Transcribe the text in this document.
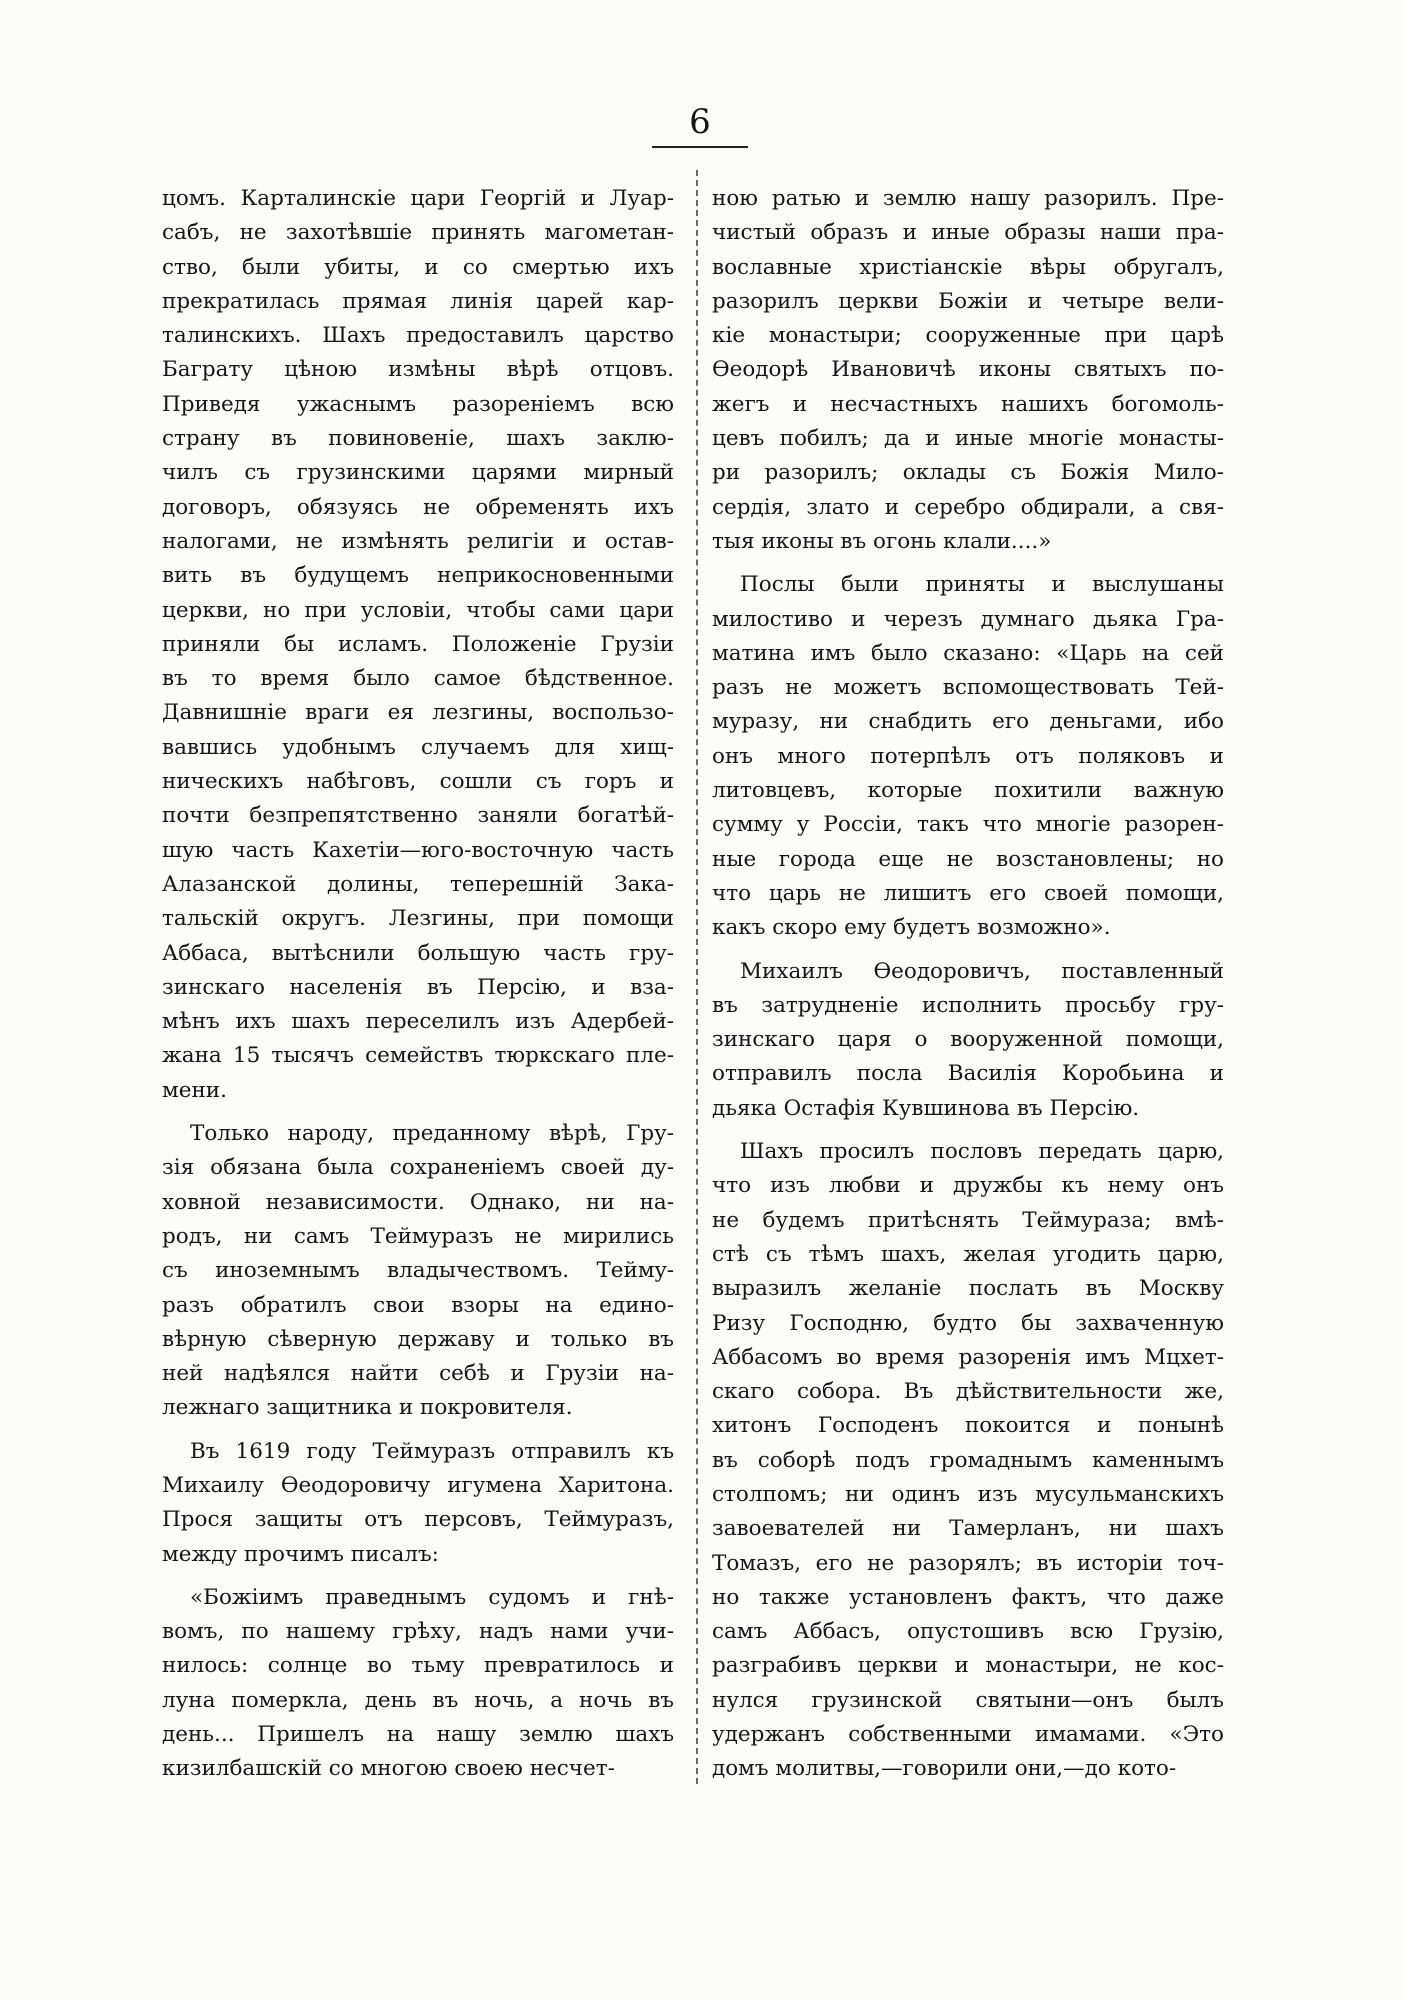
6
цомъ. Карталинскіе цари Георгій и Луар-
сабъ, не захотѣвшіе принять магометан-
ство, были убиты, и со смертью ихъ
прекратилась прямая линія царей кар-
талинскихъ. Шахъ предоставилъ царство
Баграту цѣною измѣны вѣрѣ отцовъ.
Приведя ужаснымъ разореніемъ всю
страну въ повиновеніе, шахъ заклю-
чилъ съ грузинскими царями мирный
договоръ, обязуясь не обременять ихъ
налогами, не измѣнять религіи и остав-
вить въ будущемъ неприкосновенными
церкви, но при условіи, чтобы сами цари
приняли бы исламъ. Положеніе Грузіи
въ то время было самое бѣдственное.
Давнишніе враги ея лезгины, воспользо-
вавшись удобнымъ случаемъ для хищ-
ническихъ набѣговъ, сошли съ горъ и
почти безпрепятственно заняли богатѣй-
шую часть Кахетіи—юго-восточную часть
Алазанской долины, теперешній Зака-
тальскій округъ. Лезгины, при помощи
Аббаса, вытѣснили большую часть гру-
зинскаго населенія въ Персію, и вза-
мѣнъ ихъ шахъ переселилъ изъ Адербей-
жана 15 тысячъ семействъ тюркскаго пле-
мени.
Только народу, преданному вѣрѣ, Гру-
зія обязана была сохраненіемъ своей ду-
ховной независимости. Однако, ни на-
родъ, ни самъ Теймуразъ не мирились
съ иноземнымъ владычествомъ. Теймy-
разъ обратилъ свои взоры на едино-
вѣрную сѣверную державу и только въ
ней надѣялся найти себѣ и Грузіи на-
лежнаго защитника и покровителя.
Въ 1619 году Теймуразъ отправилъ къ
Михаилу Ѳеодоровичу игумена Харитона.
Прося защиты отъ персовъ, Теймуразъ,
между прочимъ писалъ:
«Божіимъ праведнымъ судомъ и гнѣ-
вомъ, по нашему грѣху, надъ нами учи-
нилось: солнце во тьму превратилось и
луна померкла, день въ ночь, а ночь въ
день... Пришелъ на нашу землю шахъ
кизилбашскій со многою своею несчет-
ною ратью и землю нашу разорилъ. Пре-
чистый образъ и иные образы наши пра-
вославные христіанскіе вѣры обругалъ,
разорилъ церкви Божіи и четыре вели-
кіе монастыри; сооруженные при царѣ
Ѳеодорѣ Ивановичѣ иконы святыхъ по-
жегъ и несчастныхъ нашихъ богомоль-
цевъ побилъ; да и иные многіе монасты-
ри разорилъ; оклады съ Божія Мило-
сердія, злато и серебро обдирали, а свя-
тыя иконы въ огонь клали....»
Послы были приняты и выслушаны
милостиво и черезъ думнаго дьяка Гра-
матина имъ было сказано: «Царь на сей
разъ не можетъ вспомоществовать Тей-
муразу, ни снабдить его деньгами, ибо
онъ много потерпѣлъ отъ поляковъ и
литовцевъ, которые похитили важную
сумму у Россіи, такъ что многіе разорен-
ные города еще не возстановлены; но
что царь не лишитъ его своей помощи,
какъ скоро ему будетъ возможно».
Михаилъ Ѳеодоровичъ, поставленный
въ затрудненіе исполнить просьбу гру-
зинскаго царя о вооруженной помощи,
отправилъ посла Василія Коробьина и
дьяка Остафія Кувшинова въ Персію.
Шахъ просилъ пословъ передать царю,
что изъ любви и дружбы къ нему онъ
не будемъ притѣснять Теймураза; вмѣ-
стѣ съ тѣмъ шахъ, желая угодить царю,
выразилъ желаніе послать въ Москву
Ризу Господню, будто бы захваченную
Аббасомъ во время разоренія имъ Мцхет-
скаго собора. Въ дѣйствительности же,
хитонъ Господенъ покоится и понынѣ
въ соборѣ подъ громаднымъ каменнымъ
столпомъ; ни одинъ изъ мусульманскихъ
завоевателей ни Тамерланъ, ни шахъ
Томазъ, его не разорялъ; въ исторіи точ-
но также установленъ фактъ, что даже
самъ Аббасъ, опустошивъ всю Грузію,
разграбивъ церкви и монастыри, не кос-
нулся грузинской святыни—онъ былъ
удержанъ собственными имамами. «Это
домъ молитвы,—говорили они,—до кото-
